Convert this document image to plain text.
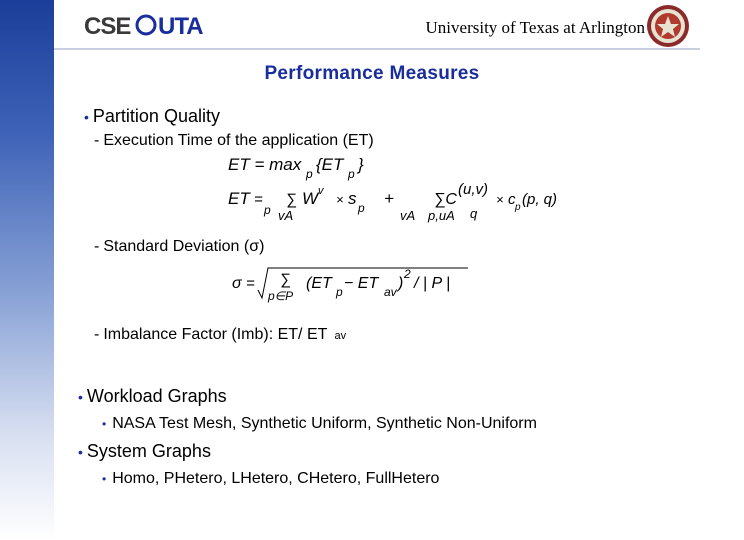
CSE UTA	University of Texas at Arlington
Performance Measures
• Partition Quality
- Execution Time of the application (ET)
ET = max p {ET p }
ET =
p
∑
vA
W v
× s p +
vA
∑C
(u,v)
p,uA q
× c p (p, q)
- Standard Deviation (σ)
σ = ∑
p∈P
(ET p − ET av )
2
/ | P |
- Imbalance Factor (Imb): ET/ ET av
• Workload Graphs
• NASA Test Mesh, Synthetic Uniform, Synthetic Non-Uniform
• System Graphs
• Homo, PHetero, LHetero, CHetero, FullHetero
